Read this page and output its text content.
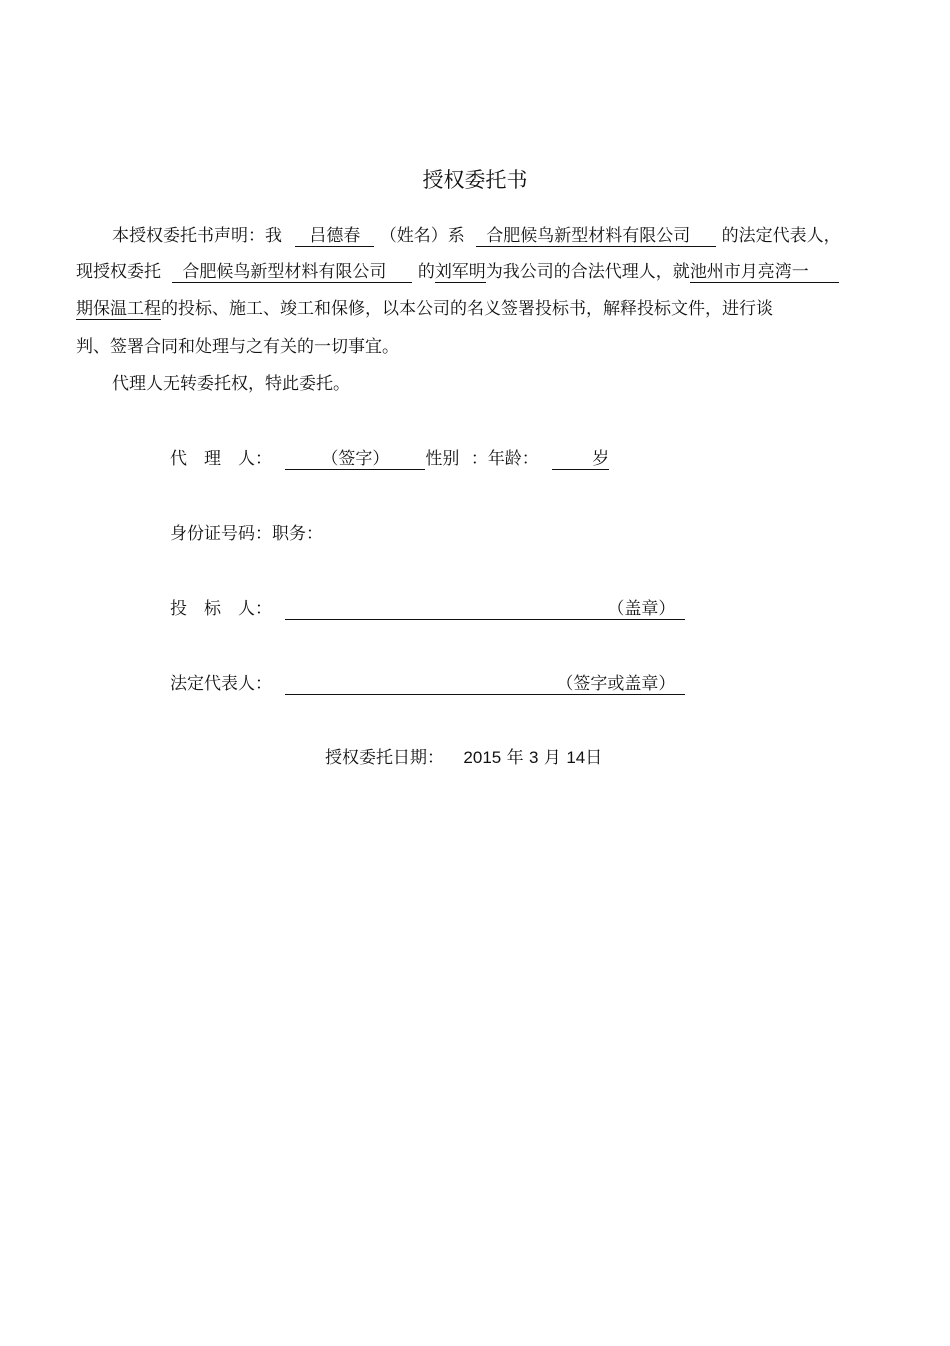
授权委托书
本授权委托书声明：我 吕德春 （姓名）系 合肥候鸟新型材料有限公司 的法定代表人，
现授权委托 合肥候鸟新型材料有限公司 的刘军明为我公司的合法代理人，就池州市月亮湾一
期保温工程的投标、施工、竣工和保修，以本公司的名义签署投标书，解释投标文件，进行谈
判、签署合同和处理与之有关的一切事宜。
代理人无转委托权，特此委托。
代　理　人：	（签字） 性别 ：年龄：	岁
身份证号码：职务：
投　标　人：	（盖章）
法定代表人：	（签字或盖章）
授权委托日期： 2015 年 3 月 14日
